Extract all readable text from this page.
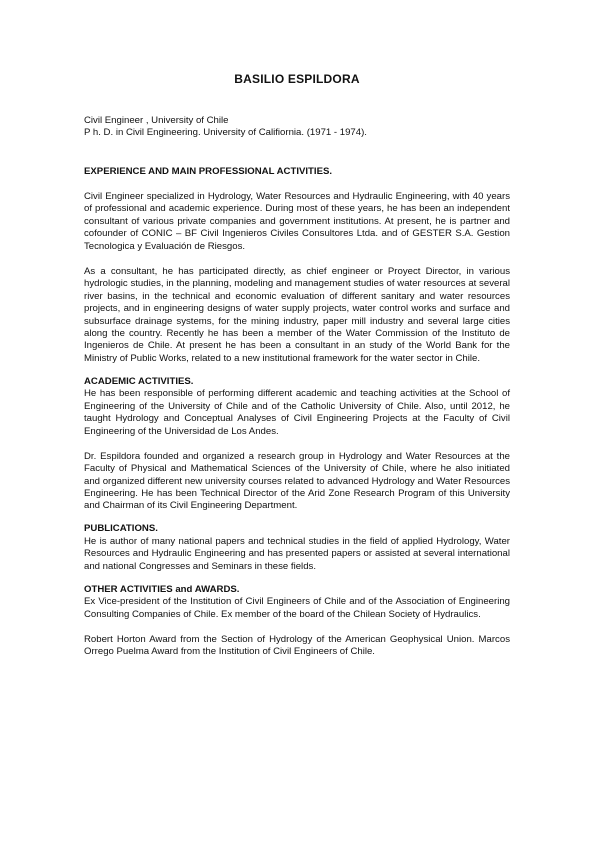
BASILIO ESPILDORA
Civil Engineer , University of Chile
P h. D. in Civil Engineering. University of Califiornia. (1971 - 1974).

EXPERIENCE AND MAIN PROFESSIONAL ACTIVITIES.

Civil Engineer specialized in Hydrology, Water Resources and Hydraulic Engineering, with 40 years of professional and academic experience. During most of these years, he has been an independent consultant of various private companies and government institutions. At present, he is partner and cofounder of CONIC – BF Civil Ingenieros Civiles Consultores Ltda. and of GESTER S.A. Gestion Tecnologica y Evaluación de Riesgos.

As a consultant, he has participated directly, as chief engineer or Proyect Director, in various hydrologic studies, in the planning, modeling and management studies of water resources at several river basins, in the technical and economic evaluation of different sanitary and water resources projects, and in engineering designs of water supply projects, water control works and surface and subsurface drainage systems, for the mining industry, paper mill industry and several large cities along the country. Recently he has been a member of the Water Commission of the Instituto de Ingenieros de Chile. At present he has been a consultant in an study of the World Bank for the Ministry of Public Works, related to a new institutional framework for the water sector in Chile.

ACADEMIC ACTIVITIES.

He has been responsible of performing different academic and teaching activities at the School of Engineering of the University of Chile and of the Catholic University of Chile. Also, until 2012, he taught Hydrology and Conceptual Analyses of Civil Engineering Projects at the Faculty of Civil Engineering of the Universidad de Los Andes.

Dr. Espildora founded and organized a research group in Hydrology and Water Resources at the Faculty of Physical and Mathematical Sciences of the University of Chile, where he also initiated and organized different new university courses related to advanced Hydrology and Water Resources Engineering. He has been Technical Director of the Arid Zone Research Program of this University and Chairman of its Civil Engineering Department.

PUBLICATIONS.

He is author of many national papers and technical studies in the field of applied Hydrology, Water Resources and Hydraulic Engineering and has presented papers or assisted at several international and national Congresses and Seminars in these fields.

OTHER ACTIVITIES and AWARDS.

Ex Vice-president of the Institution of Civil Engineers of Chile and of the Association of Engineering Consulting Companies of Chile. Ex member of the board of the Chilean Society of Hydraulics.

Robert Horton Award from the Section of Hydrology of the American Geophysical Union. Marcos Orrego Puelma Award from the Institution of Civil Engineers of Chile.
